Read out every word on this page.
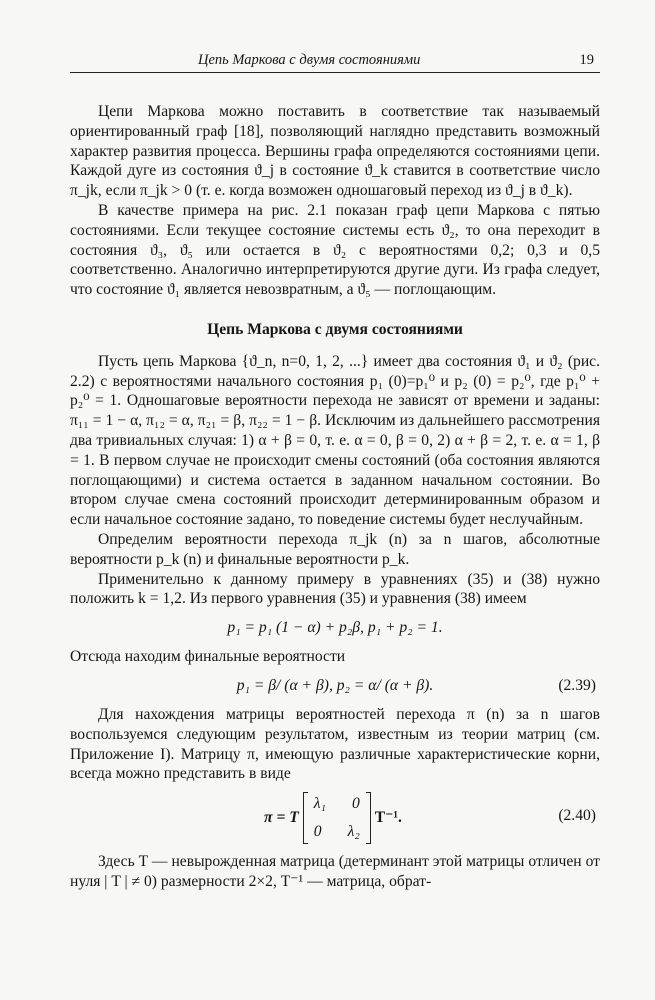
Цепь Маркова с двумя состояниями	19

Цепи Маркова можно поставить в соответствие так называемый ориентированный граф [18], позволяющий наглядно представить возможный характер развития процесса. Вершины графа определяются состояниями цепи. Каждой дуге из состояния ϑ_j в состояние ϑ_k ставится в соответствие число π_jk, если π_jk > 0 (т. е. когда возможен одношаговый переход из ϑ_j в ϑ_k).

В качестве примера на рис. 2.1 показан граф цепи Маркова с пятью состояниями. Если текущее состояние системы есть ϑ₂, то она переходит в состояния ϑ₃, ϑ₅ или остается в ϑ₂ с вероятностями 0,2; 0,3 и 0,5 соответственно. Аналогично интерпретируются другие дуги. Из графа следует, что состояние ϑ₁ является невозвратным, а ϑ₅ — поглощающим.

Цепь Маркова с двумя состояниями

Пусть цепь Маркова {ϑ_n, n=0, 1, 2, ...} имеет два состояния ϑ₁ и ϑ₂ (рис. 2.2) с вероятностями начального состояния p₁ (0)=p₁⁰ и p₂ (0) = p₂⁰, где p₁⁰ + p₂⁰ = 1. Одношаговые вероятности перехода не зависят от времени и заданы: π₁₁ = 1 − α, π₁₂ = α, π₂₁ = β, π₂₂ = 1 − β. Исключим из дальнейшего рассмотрения два тривиальных случая: 1) α + β = 0, т. е. α = 0, β = 0, 2) α + β = 2, т. е. α = 1, β = 1. В первом случае не происходит смены состояний (оба состояния являются поглощающими) и система остается в заданном начальном состоянии. Во втором случае смена состояний происходит детерминированным образом и если начальное состояние задано, то поведение системы будет неслучайным.

Определим вероятности перехода π_jk (n) за n шагов, абсолютные вероятности p_k (n) и финальные вероятности p_k.

Применительно к данному примеру в уравнениях (35) и (38) нужно положить k = 1,2. Из первого уравнения (35) и уравнения (38) имеем

p₁ = p₁ (1 − α) + p₂β, p₁ + p₂ = 1.

Отсюда находим финальные вероятности

p₁ = β/ (α + β), p₂ = α/ (α + β).	(2.39)

Для нахождения матрицы вероятностей перехода π (n) за n шагов воспользуемся следующим результатом, известным из теории матриц (см. Приложение I). Матрицу π, имеющую различные характеристические корни, всегда можно представить в виде

π = T
λ₁ 0
0 λ₂
T⁻¹.	(2.40)

Здесь T — невырожденная матрица (детерминант этой матрицы отличен от нуля | T | ≠ 0) размерности 2×2, T⁻¹ — матрица, обрат-
